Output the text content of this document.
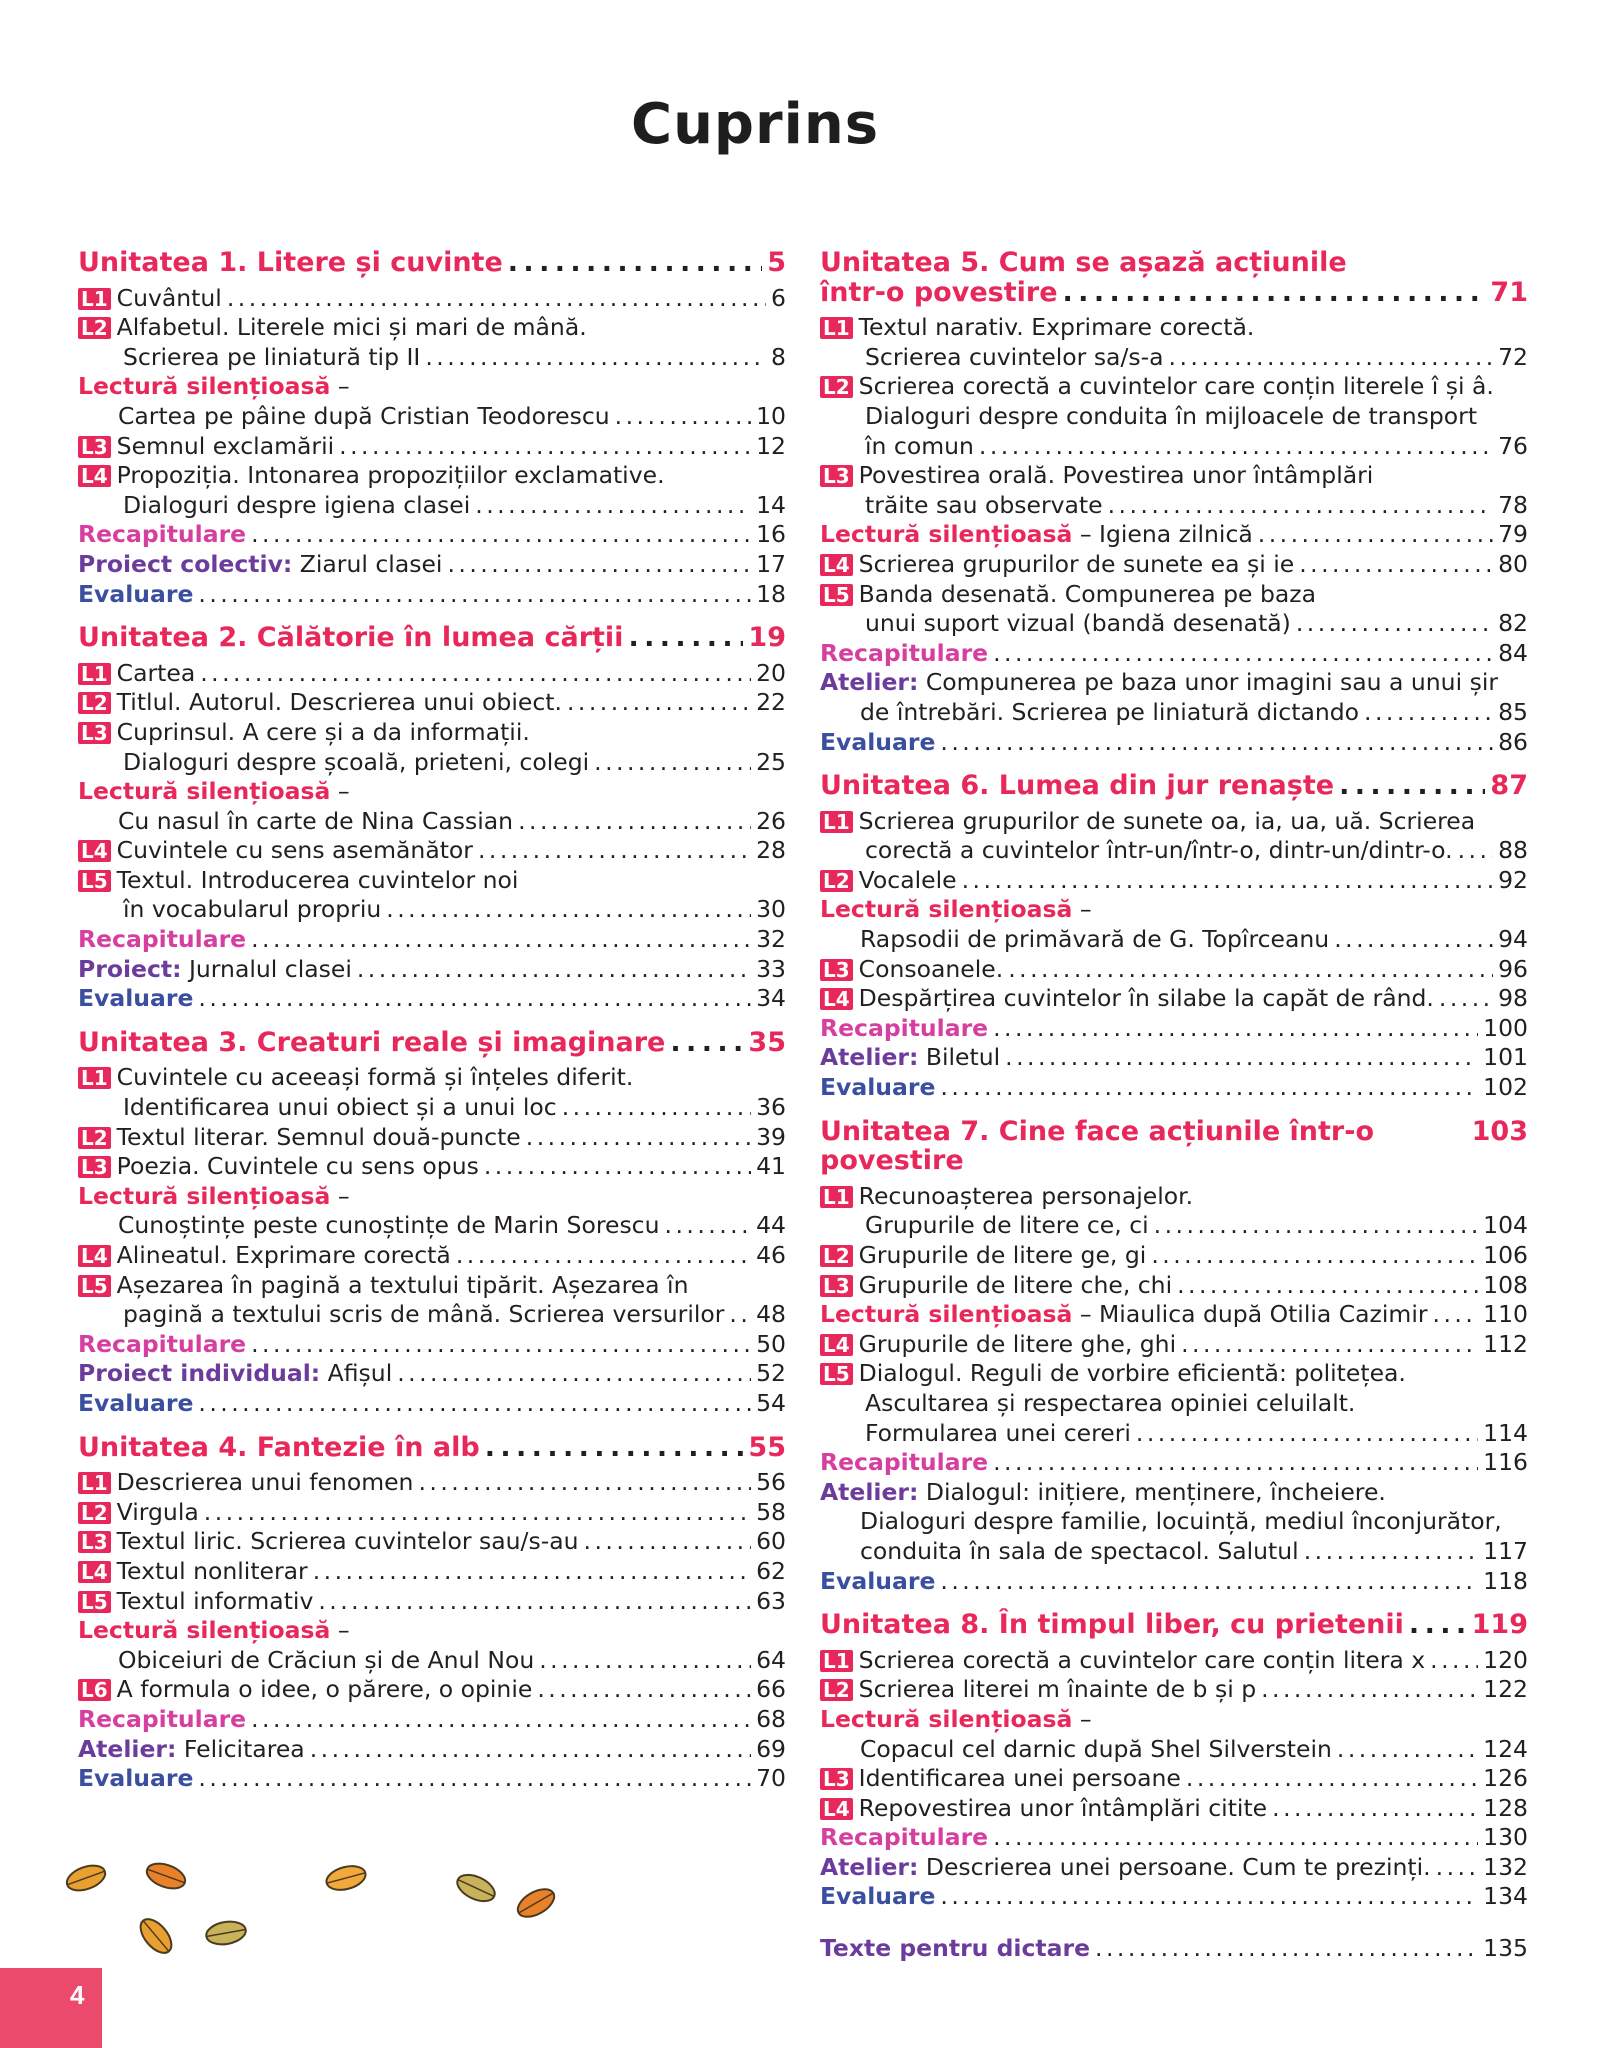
Cuprins
Unitatea 1. Litere și cuvinte . . .	5
L1 Cuvântul . . .	6
L2 Alfabetul. Literele mici și mari de mână.
Scrierea pe liniatură tip II . . .	8
Lectură silențioasă –
Cartea pe pâine după Cristian Teodorescu . . .	10
L3 Semnul exclamării . . .	12
L4 Propoziția. Intonarea propozițiilor exclamative.
Dialoguri despre igiena clasei . . .	14
Recapitulare . . .	16
Proiect colectiv: Ziarul clasei . . .	17
Evaluare . . .	18
Unitatea 2. Călătorie în lumea cărții . . .	19
L1 Cartea . . .	20
L2 Titlul. Autorul. Descrierea unui obiect. . . .	22
L3 Cuprinsul. A cere și a da informații.
Dialoguri despre școală, prieteni, colegi . . .	25
Lectură silențioasă –
Cu nasul în carte de Nina Cassian . . .	26
L4 Cuvintele cu sens asemănător . . .	28
L5 Textul. Introducerea cuvintelor noi
în vocabularul propriu . . .	30
Recapitulare . . .	32
Proiect: Jurnalul clasei . . .	33
Evaluare . . .	34
Unitatea 3. Creaturi reale și imaginare . . .	35
L1 Cuvintele cu aceeași formă și înțeles diferit.
Identificarea unui obiect și a unui loc . . .	36
L2 Textul literar. Semnul două-puncte . . .	39
L3 Poezia. Cuvintele cu sens opus . . .	41
Lectură silențioasă –
Cunoștințe peste cunoștințe de Marin Sorescu . . .	44
L4 Alineatul. Exprimare corectă . . .	46
L5 Așezarea în pagină a textului tipărit. Așezarea în
pagină a textului scris de mână. Scrierea versurilor . . . 48
Recapitulare . . .	50
Proiect individual: Afișul . . .	52
Evaluare . . .	54
Unitatea 4. Fantezie în alb . . .	55
L1 Descrierea unui fenomen . . .	56
L2 Virgula . . .	58
L3 Textul liric. Scrierea cuvintelor sau/s-au . . .	60
L4 Textul nonliterar . . .	62
L5 Textul informativ . . .	63
Lectură silențioasă –
Obiceiuri de Crăciun și de Anul Nou . . .	64
L6 A formula o idee, o părere, o opinie . . .	66
Recapitulare . . .	68
Atelier: Felicitarea . . .	69
Evaluare . . .	70
Unitatea 5. Cum se așază acțiunile
într-o povestire . . .	71
L1 Textul narativ. Exprimare corectă.
Scrierea cuvintelor sa/s-a . . .	72
L2 Scrierea corectă a cuvintelor care conțin literele î și â.
Dialoguri despre conduita în mijloacele de transport
în comun . . .	76
L3 Povestirea orală. Povestirea unor întâmplări
trăite sau observate . . .	78
Lectură silențioasă – Igiena zilnică . . .	79
L4 Scrierea grupurilor de sunete ea și ie . . .	80
L5 Banda desenată. Compunerea pe baza
unui suport vizual (bandă desenată) . . .	82
Recapitulare . . .	84
Atelier: Compunerea pe baza unor imagini sau a unui șir
de întrebări. Scrierea pe liniatură dictando . . .	85
Evaluare . . .	86
Unitatea 6. Lumea din jur renaște . . .	87
L1 Scrierea grupurilor de sunete oa, ia, ua, uă. Scrierea
corectă a cuvintelor într-un/într-o, dintr-un/dintr-o. . . . 88
L2 Vocalele . . .	92
Lectură silențioasă –
Rapsodii de primăvară de G. Topîrceanu . . .	94
L3 Consoanele. . . .	96
L4 Despărțirea cuvintelor în silabe la capăt de rând. . . .	98
Recapitulare . . .	100
Atelier: Biletul . . .	101
Evaluare . . .	102
Unitatea 7. Cine face acțiunile într-o povestire
103
L1 Recunoașterea personajelor.
Grupurile de litere ce, ci . . .	104
L2 Grupurile de litere ge, gi . . .	106
L3 Grupurile de litere che, chi . . .	108
Lectură silențioasă – Miaulica după Otilia Cazimir . . . 110
L4 Grupurile de litere ghe, ghi . . .	112
L5 Dialogul. Reguli de vorbire eficientă: politețea.
Ascultarea și respectarea opiniei celuilalt.
Formularea unei cereri . . .	114
Recapitulare . . .	116
Atelier: Dialogul: inițiere, menținere, încheiere.
Dialoguri despre familie, locuință, mediul înconjurător,
conduita în sala de spectacol. Salutul . . .	117
Evaluare . . .	118
Unitatea 8. În timpul liber, cu prietenii . . .	119
L1 Scrierea corectă a cuvintelor care conțin litera x . . . 120
L2 Scrierea literei m înainte de b și p . . .	122
Lectură silențioasă –
Copacul cel darnic după Shel Silverstein . . .	124
L3 Identificarea unei persoane . . .	126
L4 Repovestirea unor întâmplări citite . . .	128
Recapitulare . . .	130
Atelier: Descrierea unei persoane. Cum te prezinți. . . . 132
Evaluare . . .	134
Texte pentru dictare . . .	135
4
